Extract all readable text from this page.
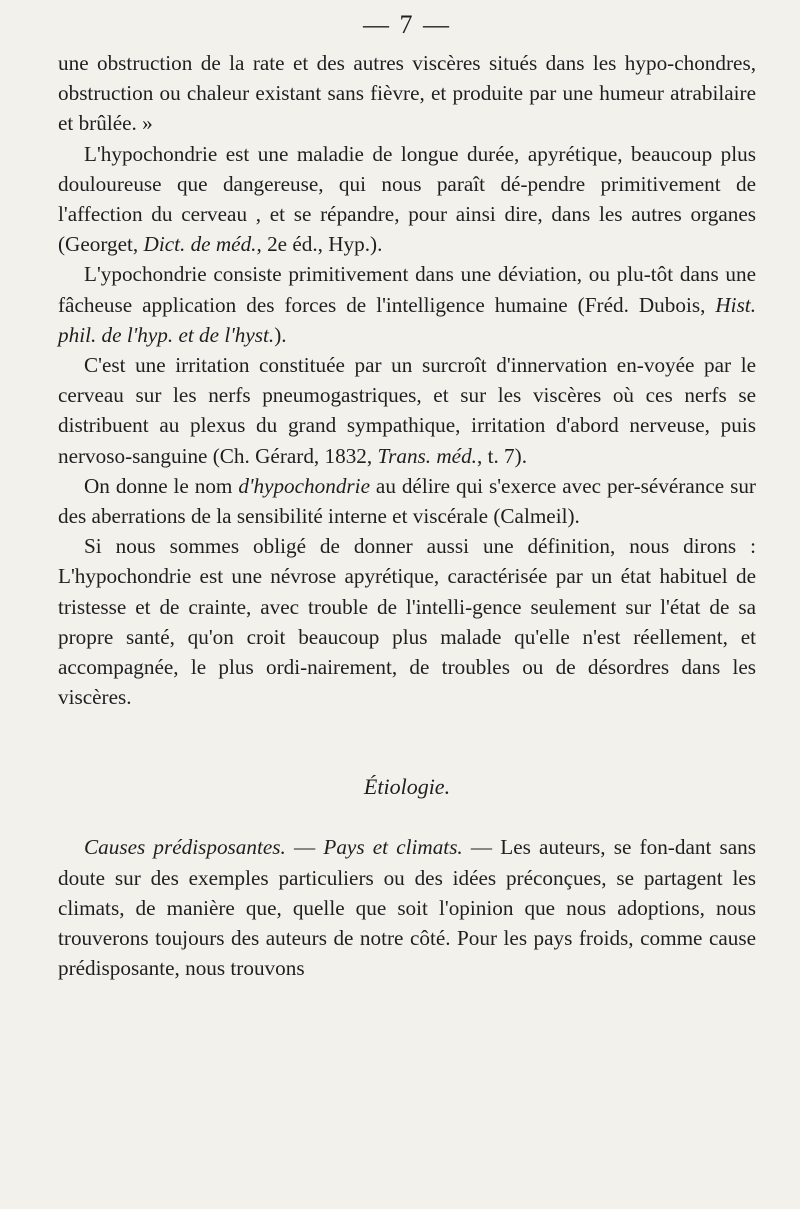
— 7 —

une obstruction de la rate et des autres viscères situés dans les hypo-chondres, obstruction ou chaleur existant sans fièvre, et produite par une humeur atrabilaire et brûlée. »

L'hypochondrie est une maladie de longue durée, apyrétique, beaucoup plus douloureuse que dangereuse, qui nous paraît dé-pendre primitivement de l'affection du cerveau , et se répandre, pour ainsi dire, dans les autres organes (Georget, Dict. de méd., 2e éd., Hyp.).

L'ypochondrie consiste primitivement dans une déviation, ou plu-tôt dans une fâcheuse application des forces de l'intelligence humaine (Fréd. Dubois, Hist. phil. de l'hyp. et de l'hyst.).

C'est une irritation constituée par un surcroît d'innervation en-voyée par le cerveau sur les nerfs pneumogastriques, et sur les viscères où ces nerfs se distribuent au plexus du grand sympathique, irritation d'abord nerveuse, puis nervoso-sanguine (Ch. Gérard, 1832, Trans. méd., t. 7).

On donne le nom d'hypochondrie au délire qui s'exerce avec per-sévérance sur des aberrations de la sensibilité interne et viscérale (Calmeil).

Si nous sommes obligé de donner aussi une définition, nous dirons : L'hypochondrie est une névrose apyrétique, caractérisée par un état habituel de tristesse et de crainte, avec trouble de l'intelli-gence seulement sur l'état de sa propre santé, qu'on croit beaucoup plus malade qu'elle n'est réellement, et accompagnée, le plus ordi-nairement, de troubles ou de désordres dans les viscères.

Étiologie.

Causes prédisposantes. — Pays et climats. — Les auteurs, se fon-dant sans doute sur des exemples particuliers ou des idées préconçues, se partagent les climats, de manière que, quelle que soit l'opinion que nous adoptions, nous trouverons toujours des auteurs de notre côté. Pour les pays froids, comme cause prédisposante, nous trouvons
